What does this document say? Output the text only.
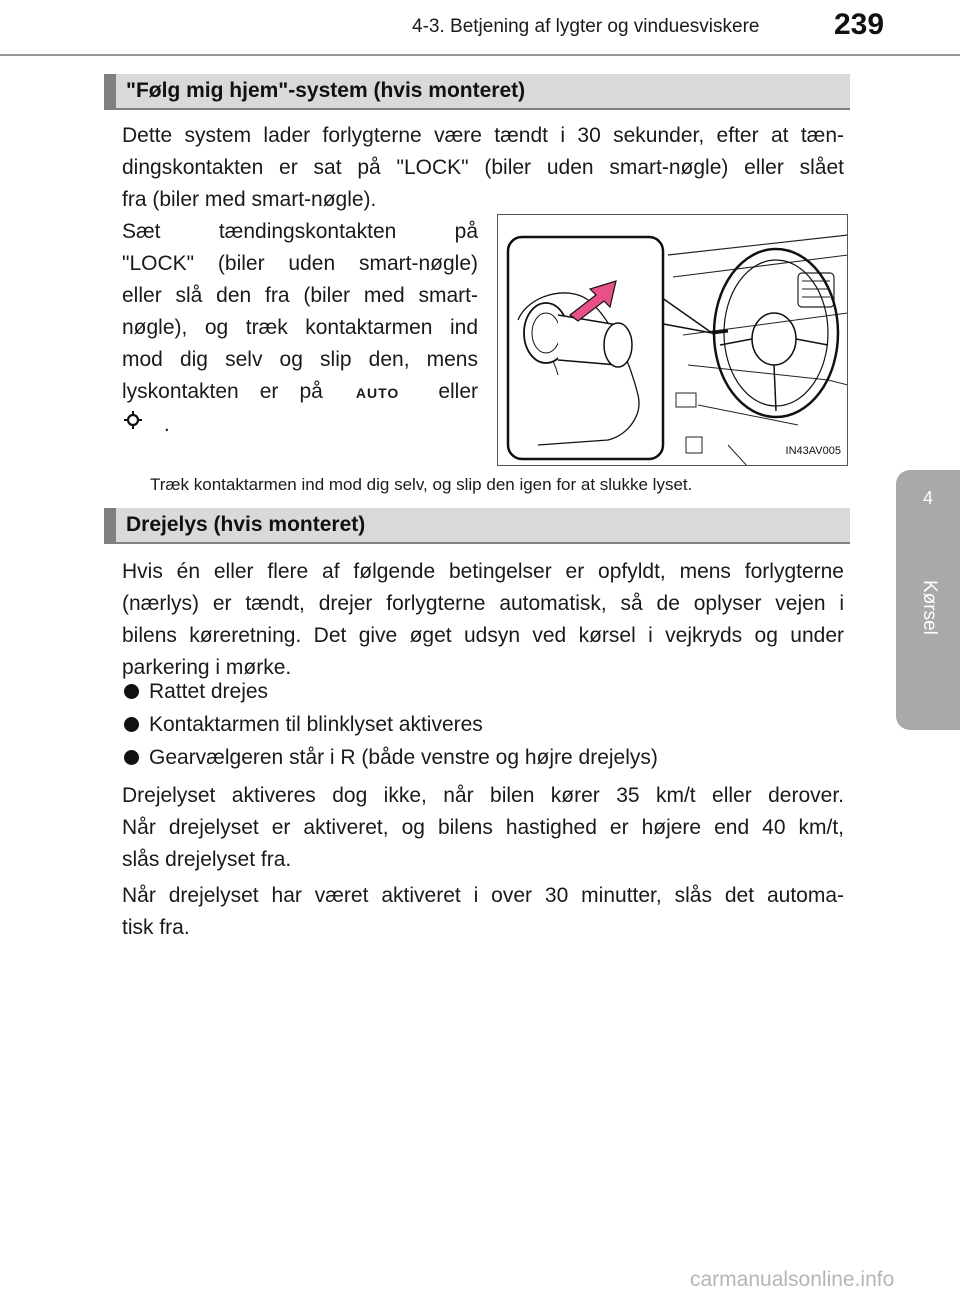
4-3. Betjening af lygter og vinduesviskere 239
4
Kørsel
"Følg mig hjem"-system (hvis monteret)
Dette system lader forlygterne være tændt i 30 sekunder, efter at tæn-
dingskontakten er sat på "LOCK" (biler uden smart-nøgle) eller slået
fra (biler med smart-nøgle).
Sæt tændingskontakten på
"LOCK" (biler uden smart-nøgle)
eller slå den fra (biler med smart-
nøgle), og træk kontaktarmen ind
mod dig selv og slip den, mens
lyskontakten er på AUTO eller
.
IN43AV005
Træk kontaktarmen ind mod dig selv, og slip den igen for at slukke lyset.
Drejelys (hvis monteret)
Hvis én eller flere af følgende betingelser er opfyldt, mens forlygterne
(nærlys) er tændt, drejer forlygterne automatisk, så de oplyser vejen i
bilens køreretning. Det give øget udsyn ved kørsel i vejkryds og under
parkering i mørke.
Rattet drejes
Kontaktarmen til blinklyset aktiveres
Gearvælgeren står i R (både venstre og højre drejelys)
Drejelyset aktiveres dog ikke, når bilen kører 35 km/t eller derover.
Når drejelyset er aktiveret, og bilens hastighed er højere end 40 km/t,
slås drejelyset fra.
Når drejelyset har været aktiveret i over 30 minutter, slås det automa-
tisk fra.
carmanualsonline.info
